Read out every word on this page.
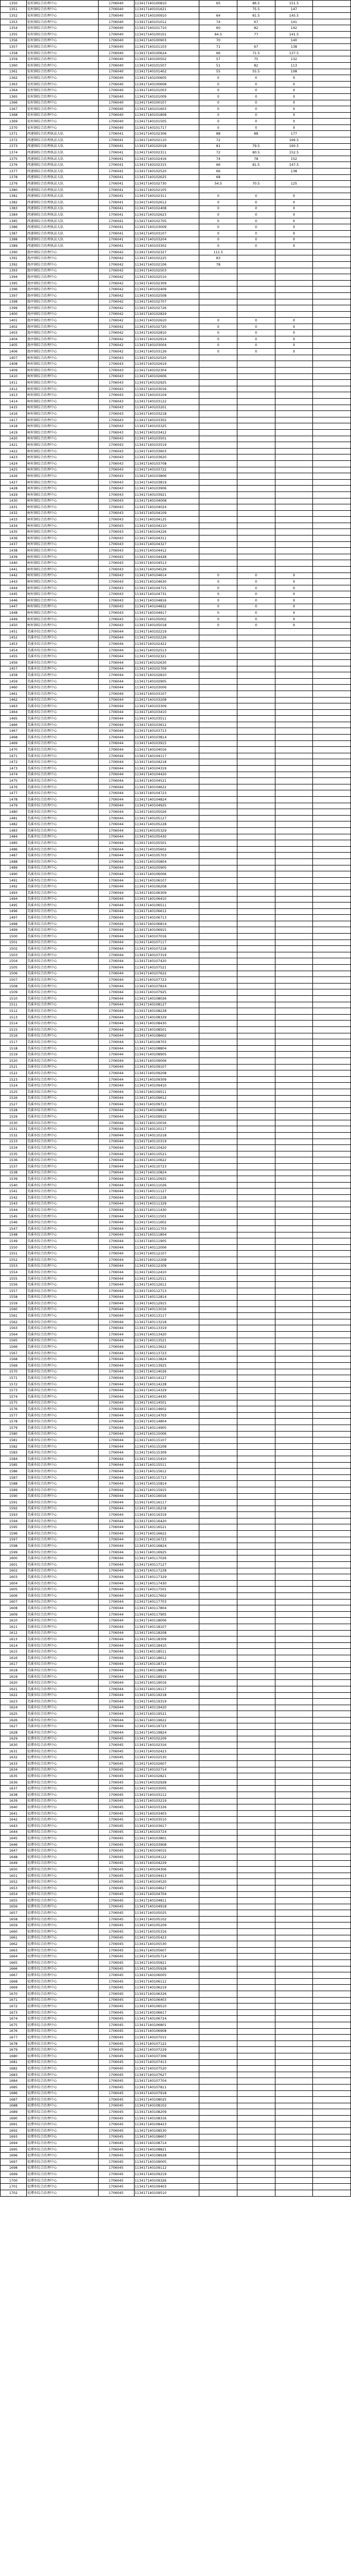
1350	宏村镇综合治理中心	1706040	113417140100810	65	86.5	151.5	
1351	宏村镇综合治理中心	1706040	113417140101621		75.5	147	
1352	宏村镇综合治理中心	1706040	113417140100910	64	81.5	145.5	
1353	宏村镇综合治理中心	1706040	113417140101012	74	67	141	
1354	宏村镇综合治理中心	1706040	113417140101710	60	82	142	
1355	宏村镇综合治理中心	1706040	113417140100101	64.5	77	141.5	
1356	宏村镇综合治理中心	1706040	113417140100903	70		140	
1357	宏村镇综合治理中心	1706040	113417140101103	71	67	138	
1358	宏村镇综合治理中心	1706040	113417140100624	66	71.5	137.5	
1359	宏村镇综合治理中心	1706040	113417140100502	57	75	132	
1360	宏村镇综合治理中心	1706040	113417140101507	51	82	113	
1361	宏村镇综合治理中心	1706040	113417140101402	55	55.5	108	
1362	宏村镇综合治理中心	1706040	113417140100605	0	0	0	
1363	宏村镇综合治理中心	1706040	113417140100608	0	0	0	
1364	宏村镇综合治理中心	1706040	113417140101003	0	0	0	
1365	宏村镇综合治理中心	1706040	113417140101009	0	0	0	
1366	宏村镇综合治理中心	1706040	113417140100107	0	0	0	
1367	宏村镇综合治理中心	1706040	113417140101603	0	0	0	
1368	宏村镇综合治理中心	1706040	113417140101808	0	0	0	
1369	宏村镇综合治理中心	1706040	113417140101505	0	0	0	
1370	宏村镇综合治理中心	1706040	113417140101717	0	0	0	
1371	西递镇综合治理执法大队	1706041	113417140102306	88	88	177	
1372	西递镇综合治理执法大队	1706041	113417140102110	72		166.5	
1373	西递镇综合治理执法大队	1706041	113417140102018	81	79.5	160.5	
1374	西递镇综合治理执法大队	1706041	113417140102311	72	80.5	152.5	
1375	西递镇综合治理执法大队	1706041	113417140102416	74	78	152	
1376	西递镇综合治理执法大队	1706041	113417140102315	66	81.5	147.5	
1377	西递镇综合治理执法大队	1706041	113417140102520	66		138	
1378	西递镇综合治理执法大队	1706041	113417140102625	68			
1379	西递镇综合治理执法大队	1706041	113417140102730	54.5	70.5	125	
1380	西递镇综合治理执法大队	1706041	113417140102105				
1381	西递镇综合治理执法大队	1706041	113417140102311	0	0	0	
1382	西递镇综合治理执法大队	1706041	113417140102612	0	0	0	
1383	西递镇综合治理执法大队	1706041	113417140102408	0	0	0	
1384	西递镇综合治理执法大队	1706041	113417140102623	0	0	0	
1385	西递镇综合治理执法大队	1706041	113417140102705	0	0	0	
1386	西递镇综合治理执法大队	1706041	113417140103009	0	0	0	
1387	西递镇综合治理执法大队	1706041	113417140103107	0	0	0	
1388	西递镇综合治理执法大队	1706041	113417140103204	0	0	0	
1389	西递镇综合治理执法大队	1706041	113417140103302	0	0	0	
1390	渔亭镇综合治理中心	1706042	113417140102327	111.5			
1391	渔亭镇综合治理中心	1706042	113417140102225	83			
1392	渔亭镇综合治理中心	1706042	113417140102106	78			
1393	渔亭镇综合治理中心	1706042	113417140102503				
1394	渔亭镇综合治理中心	1706042	113417140102510				
1395	渔亭镇综合治理中心	1706042	113417140102309				
1396	渔亭镇综合治理中心	1706042	113417140102409				
1397	渔亭镇综合治理中心	1706042	113417140102508				
1398	渔亭镇综合治理中心	1706042	113417140102707				
1399	渔亭镇综合治理中心	1706042	113417140102726				
1400	渔亭镇综合治理中心	1706042	113417140102829				
1401	渔亭镇综合治理中心	1706042	113417140102610	0	0	0	
1402	渔亭镇综合治理中心	1706042	113417140102720	0	0	0	
1403	渔亭镇综合治理中心	1706042	113417140102810	0	0	0	
1404	渔亭镇综合治理中心	1706042	113417140102914	0	0	0	
1405	渔亭镇综合治理中心	1706042	113417140103004	0	0	0	
1406	渔亭镇综合治理中心	1706042	113417140103126	0	0	0	
1407	柯村镇综合治理中心	1706043	113417140102520				
1408	柯村镇综合治理中心	1706043	113417140102619				
1409	柯村镇综合治理中心	1706043	113417140102304				
1410	柯村镇综合治理中心	1706043	113417140102606				
1411	柯村镇综合治理中心	1706043	113417140102925				
1412	柯村镇综合治理中心	1706043	113417140103016				
1413	柯村镇综合治理中心	1706043	113417140103104				
1414	柯村镇综合治理中心	1706043	113417140103122				
1415	柯村镇综合治理中心	1706043	113417140103201				
1416	柯村镇综合治理中心	1706043	113417140103218				
1417	柯村镇综合治理中心	1706043	113417140103302				
1418	柯村镇综合治理中心	1706043	113417140103325				
1419	柯村镇综合治理中心	1706043	113417140103412				
1420	柯村镇综合治理中心	1706043	113417140103501				
1421	柯村镇综合治理中心	1706043	113417140103519				
1422	柯村镇综合治理中心	1706043	113417140103603				
1423	柯村镇综合治理中心	1706043	113417140103620				
1424	柯村镇综合治理中心	1706043	113417140103708				
1425	柯村镇综合治理中心	1706043	113417140103722				
1426	柯村镇综合治理中心	1706043	113417140103806				
1427	柯村镇综合治理中心	1706043	113417140103819				
1428	柯村镇综合治理中心	1706043	113417140103906				
1429	柯村镇综合治理中心	1706043	113417140103921				
1430	柯村镇综合治理中心	1706043	113417140104008				
1431	柯村镇综合治理中心	1706043	113417140104024				
1432	柯村镇综合治理中心	1706043	113417140104109				
1433	柯村镇综合治理中心	1706043	113417140104125				
1434	柯村镇综合治理中心	1706043	113417140104210				
1435	柯村镇综合治理中心	1706043	113417140104226				
1436	柯村镇综合治理中心	1706043	113417140104311				
1437	柯村镇综合治理中心	1706043	113417140104327				
1438	柯村镇综合治理中心	1706043	113417140104412				
1439	柯村镇综合治理中心	1706043	113417140104428				
1440	柯村镇综合治理中心	1706043	113417140104513				
1441	柯村镇综合治理中心	1706043	113417140104529				
1442	柯村镇综合治理中心	1706043	113417140104614	0	0	0	
1443	柯村镇综合治理中心	1706043	113417140104630	0	0	0	
1444	柯村镇综合治理中心	1706043	113417140104715	0	0	0	
1445	柯村镇综合治理中心	1706043	113417140104731	0	0	0	
1446	柯村镇综合治理中心	1706043	113417140104816	0	0	0	
1447	柯村镇综合治理中心	1706043	113417140104832	0	0	0	
1448	柯村镇综合治理中心	1706043	113417140104917	0	0	0	
1449	柯村镇综合治理中心	1706043	113417140105002	0	0	0	
1450	柯村镇综合治理中心	1706043	113417140105018	0	0	0	
1451	美溪乡综合治理中心	1706044	113417140102219				
1452	美溪乡综合治理中心	1706044	113417140102226				
1453	美溪乡综合治理中心	1706044	113417140102422				
1454	美溪乡综合治理中心	1706044	113417140102513				
1455	美溪乡综合治理中心	1706044	113417140102321				
1456	美溪乡综合治理中心	1706044	113417140102630				
1457	美溪乡综合治理中心	1706044	113417140102709				
1458	美溪乡综合治理中心	1706044	113417140102810				
1459	美溪乡综合治理中心	1706044	113417140102905				
1460	美溪乡综合治理中心	1706044	113417140103006				
1461	美溪乡综合治理中心	1706044	113417140103107				
1462	美溪乡综合治理中心	1706044	113417140103208				
1463	美溪乡综合治理中心	1706044	113417140103309				
1464	美溪乡综合治理中心	1706044	113417140103410				
1465	美溪乡综合治理中心	1706044	113417140103511				
1466	美溪乡综合治理中心	1706044	113417140103612				
1467	美溪乡综合治理中心	1706044	113417140103713				
1468	美溪乡综合治理中心	1706044	113417140103814				
1469	美溪乡综合治理中心	1706044	113417140103915				
1470	美溪乡综合治理中心	1706044	113417140104016				
1471	美溪乡综合治理中心	1706044	113417140104117				
1472	美溪乡综合治理中心	1706044	113417140104218				
1473	美溪乡综合治理中心	1706044	113417140104319				
1474	美溪乡综合治理中心	1706044	113417140104420				
1475	美溪乡综合治理中心	1706044	113417140104521				
1476	美溪乡综合治理中心	1706044	113417140104622				
1477	美溪乡综合治理中心	1706044	113417140104723				
1478	美溪乡综合治理中心	1706044	113417140104824				
1479	美溪乡综合治理中心	1706044	113417140104925				
1480	美溪乡综合治理中心	1706044	113417140105026				
1481	美溪乡综合治理中心	1706044	113417140105127				
1482	美溪乡综合治理中心	1706044	113417140105228				
1483	美溪乡综合治理中心	1706044	113417140105329				
1484	美溪乡综合治理中心	1706044	113417140105430				
1485	美溪乡综合治理中心	1706044	113417140105501				
1486	美溪乡综合治理中心	1706044	113417140105602				
1487	美溪乡综合治理中心	1706044	113417140105703				
1488	美溪乡综合治理中心	1706044	113417140105804				
1489	美溪乡综合治理中心	1706044	113417140105905				
1490	美溪乡综合治理中心	1706044	113417140106006				
1491	美溪乡综合治理中心	1706044	113417140106107				
1492	美溪乡综合治理中心	1706044	113417140106208				
1493	美溪乡综合治理中心	1706044	113417140106309				
1494	美溪乡综合治理中心	1706044	113417140106410				
1495	美溪乡综合治理中心	1706044	113417140106511				
1496	美溪乡综合治理中心	1706044	113417140106612				
1497	美溪乡综合治理中心	1706044	113417140106713				
1498	美溪乡综合治理中心	1706044	113417140106814				
1499	美溪乡综合治理中心	1706044	113417140106915				
1500	美溪乡综合治理中心	1706044	113417140107016				
1501	美溪乡综合治理中心	1706044	113417140107117				
1502	美溪乡综合治理中心	1706044	113417140107218				
1503	美溪乡综合治理中心	1706044	113417140107319				
1504	美溪乡综合治理中心	1706044	113417140107420				
1505	美溪乡综合治理中心	1706044	113417140107521				
1506	美溪乡综合治理中心	1706044	113417140107622				
1507	美溪乡综合治理中心	1706044	113417140107723				
1508	美溪乡综合治理中心	1706044	113417140107824				
1509	美溪乡综合治理中心	1706044	113417140107925				
1510	美溪乡综合治理中心	1706044	113417140108026				
1511	美溪乡综合治理中心	1706044	113417140108127				
1512	美溪乡综合治理中心	1706044	113417140108228				
1513	美溪乡综合治理中心	1706044	113417140108329				
1514	美溪乡综合治理中心	1706044	113417140108430				
1515	美溪乡综合治理中心	1706044	113417140108501				
1516	美溪乡综合治理中心	1706044	113417140108602				
1517	美溪乡综合治理中心	1706044	113417140108703				
1518	美溪乡综合治理中心	1706044	113417140108804				
1519	美溪乡综合治理中心	1706044	113417140108905				
1520	美溪乡综合治理中心	1706044	113417140109006				
1521	美溪乡综合治理中心	1706044	113417140109107				
1522	美溪乡综合治理中心	1706044	113417140109208				
1523	美溪乡综合治理中心	1706044	113417140109309				
1524	美溪乡综合治理中心	1706044	113417140109410				
1525	美溪乡综合治理中心	1706044	113417140109511				
1526	美溪乡综合治理中心	1706044	113417140109612				
1527	美溪乡综合治理中心	1706044	113417140109713				
1528	美溪乡综合治理中心	1706044	113417140109814				
1529	美溪乡综合治理中心	1706044	113417140109915				
1530	美溪乡综合治理中心	1706044	113417140110016				
1531	美溪乡综合治理中心	1706044	113417140110117				
1532	美溪乡综合治理中心	1706044	113417140110218				
1533	美溪乡综合治理中心	1706044	113417140110319				
1534	美溪乡综合治理中心	1706044	113417140110420				
1535	美溪乡综合治理中心	1706044	113417140110521				
1536	美溪乡综合治理中心	1706044	113417140110622				
1537	美溪乡综合治理中心	1706044	113417140110723				
1538	美溪乡综合治理中心	1706044	113417140110824				
1539	美溪乡综合治理中心	1706044	113417140110925				
1540	美溪乡综合治理中心	1706044	113417140111026				
1541	美溪乡综合治理中心	1706044	113417140111127				
1542	美溪乡综合治理中心	1706044	113417140111228				
1543	美溪乡综合治理中心	1706044	113417140111329				
1544	美溪乡综合治理中心	1706044	113417140111430				
1545	美溪乡综合治理中心	1706044	113417140111501				
1546	美溪乡综合治理中心	1706044	113417140111602				
1547	美溪乡综合治理中心	1706044	113417140111703				
1548	美溪乡综合治理中心	1706044	113417140111804				
1549	美溪乡综合治理中心	1706044	113417140111905				
1550	美溪乡综合治理中心	1706044	113417140112006				
1551	美溪乡综合治理中心	1706044	113417140112107				
1552	美溪乡综合治理中心	1706044	113417140112208				
1553	美溪乡综合治理中心	1706044	113417140112309				
1554	美溪乡综合治理中心	1706044	113417140112410				
1555	美溪乡综合治理中心	1706044	113417140112511				
1556	美溪乡综合治理中心	1706044	113417140112612				
1557	美溪乡综合治理中心	1706044	113417140112713				
1558	美溪乡综合治理中心	1706044	113417140112814				
1559	美溪乡综合治理中心	1706044	113417140112915				
1560	美溪乡综合治理中心	1706044	113417140113016				
1561	美溪乡综合治理中心	1706044	113417140113117				
1562	美溪乡综合治理中心	1706044	113417140113218				
1563	美溪乡综合治理中心	1706044	113417140113319				
1564	美溪乡综合治理中心	1706044	113417140113420				
1565	美溪乡综合治理中心	1706044	113417140113521				
1566	美溪乡综合治理中心	1706044	113417140113622				
1567	美溪乡综合治理中心	1706044	113417140113723				
1568	美溪乡综合治理中心	1706044	113417140113824				
1569	美溪乡综合治理中心	1706044	113417140113925				
1570	美溪乡综合治理中心	1706044	113417140114026				
1571	美溪乡综合治理中心	1706044	113417140114127				
1572	美溪乡综合治理中心	1706044	113417140114228				
1573	美溪乡综合治理中心	1706044	113417140114329				
1574	美溪乡综合治理中心	1706044	113417140114430				
1575	美溪乡综合治理中心	1706044	113417140114501				
1576	美溪乡综合治理中心	1706044	113417140114602				
1577	美溪乡综合治理中心	1706044	113417140114703				
1578	美溪乡综合治理中心	1706044	113417140114804				
1579	美溪乡综合治理中心	1706044	113417140114905				
1580	美溪乡综合治理中心	1706044	113417140115006				
1581	美溪乡综合治理中心	1706044	113417140115107				
1582	美溪乡综合治理中心	1706044	113417140115208				
1583	美溪乡综合治理中心	1706044	113417140115309				
1584	美溪乡综合治理中心	1706044	113417140115410				
1585	美溪乡综合治理中心	1706044	113417140115511				
1586	美溪乡综合治理中心	1706044	113417140115612				
1587	美溪乡综合治理中心	1706044	113417140115713				
1588	美溪乡综合治理中心	1706044	113417140115814				
1589	美溪乡综合治理中心	1706044	113417140115915				
1590	美溪乡综合治理中心	1706044	113417140116016				
1591	美溪乡综合治理中心	1706044	113417140116117				
1592	美溪乡综合治理中心	1706044	113417140116218				
1593	美溪乡综合治理中心	1706044	113417140116319				
1594	美溪乡综合治理中心	1706044	113417140116420				
1595	美溪乡综合治理中心	1706044	113417140116521				
1596	美溪乡综合治理中心	1706044	113417140116622				
1597	美溪乡综合治理中心	1706044	113417140116723				
1598	美溪乡综合治理中心	1706044	113417140116824				
1599	美溪乡综合治理中心	1706044	113417140116925				
1600	美溪乡综合治理中心	1706044	113417140117026				
1601	美溪乡综合治理中心	1706044	113417140117127				
1602	美溪乡综合治理中心	1706044	113417140117228				
1603	美溪乡综合治理中心	1706044	113417140117329				
1604	美溪乡综合治理中心	1706044	113417140117430				
1605	美溪乡综合治理中心	1706044	113417140117501				
1606	美溪乡综合治理中心	1706044	113417140117602				
1607	美溪乡综合治理中心	1706044	113417140117703				
1608	美溪乡综合治理中心	1706044	113417140117804				
1609	美溪乡综合治理中心	1706044	113417140117905				
1610	美溪乡综合治理中心	1706044	113417140118006				
1611	美溪乡综合治理中心	1706044	113417140118107				
1612	美溪乡综合治理中心	1706044	113417140118208				
1613	美溪乡综合治理中心	1706044	113417140118309				
1614	美溪乡综合治理中心	1706044	113417140118410				
1615	美溪乡综合治理中心	1706044	113417140118511				
1616	美溪乡综合治理中心	1706044	113417140118612				
1617	美溪乡综合治理中心	1706044	113417140118713				
1618	美溪乡综合治理中心	1706044	113417140118814				
1619	美溪乡综合治理中心	1706044	113417140118915				
1620	美溪乡综合治理中心	1706044	113417140119016				
1621	美溪乡综合治理中心	1706044	113417140119117				
1622	美溪乡综合治理中心	1706044	113417140119218				
1623	美溪乡综合治理中心	1706044	113417140119319				
1624	美溪乡综合治理中心	1706044	113417140119420				
1625	美溪乡综合治理中心	1706044	113417140119521				
1626	美溪乡综合治理中心	1706044	113417140119622				
1627	美溪乡综合治理中心	1706044	113417140119723				
1628	美溪乡综合治理中心	1706044	113417140119824				
1629	宏潭乡综合治理中心	1706045	113417140102209				
1630	宏潭乡综合治理中心	1706045	113417140102316				
1631	宏潭乡综合治理中心	1706045	113417140102423				
1632	宏潭乡综合治理中心	1706045	113417140102530				
1633	宏潭乡综合治理中心	1706045	113417140102607				
1634	宏潭乡综合治理中心	1706045	113417140102714				
1635	宏潭乡综合治理中心	1706045	113417140102821				
1636	宏潭乡综合治理中心	1706045	113417140102928				
1637	宏潭乡综合治理中心	1706045	113417140103005				
1638	宏潭乡综合治理中心	1706045	113417140103112				
1639	宏潭乡综合治理中心	1706045	113417140103219				
1640	宏潭乡综合治理中心	1706045	113417140103326				
1641	宏潭乡综合治理中心	1706045	113417140103403				
1642	宏潭乡综合治理中心	1706045	113417140103510				
1643	宏潭乡综合治理中心	1706045	113417140103617				
1644	宏潭乡综合治理中心	1706045	113417140103724				
1645	宏潭乡综合治理中心	1706045	113417140103801				
1646	宏潭乡综合治理中心	1706045	113417140103908				
1647	宏潭乡综合治理中心	1706045	113417140104015				
1648	宏潭乡综合治理中心	1706045	113417140104122				
1649	宏潭乡综合治理中心	1706045	113417140104229				
1650	宏潭乡综合治理中心	1706045	113417140104306				
1651	宏潭乡综合治理中心	1706045	113417140104413				
1652	宏潭乡综合治理中心	1706045	113417140104520				
1653	宏潭乡综合治理中心	1706045	113417140104627				
1654	宏潭乡综合治理中心	1706045	113417140104704				
1655	宏潭乡综合治理中心	1706045	113417140104811				
1656	宏潭乡综合治理中心	1706045	113417140104918				
1657	宏潭乡综合治理中心	1706045	113417140105025				
1658	宏潭乡综合治理中心	1706045	113417140105102				
1659	宏潭乡综合治理中心	1706045	113417140105209				
1660	宏潭乡综合治理中心	1706045	113417140105316				
1661	宏潭乡综合治理中心	1706045	113417140105423				
1662	宏潭乡综合治理中心	1706045	113417140105530				
1663	宏潭乡综合治理中心	1706045	113417140105607				
1664	宏潭乡综合治理中心	1706045	113417140105714				
1665	宏潭乡综合治理中心	1706045	113417140105821				
1666	宏潭乡综合治理中心	1706045	113417140105928				
1667	宏潭乡综合治理中心	1706045	113417140106005				
1668	宏潭乡综合治理中心	1706045	113417140106112				
1669	宏潭乡综合治理中心	1706045	113417140106219				
1670	宏潭乡综合治理中心	1706045	113417140106326				
1671	宏潭乡综合治理中心	1706045	113417140106403				
1672	宏潭乡综合治理中心	1706045	113417140106510				
1673	宏潭乡综合治理中心	1706045	113417140106617				
1674	宏潭乡综合治理中心	1706045	113417140106724				
1675	宏潭乡综合治理中心	1706045	113417140106801				
1676	宏潭乡综合治理中心	1706045	113417140106908				
1677	宏潭乡综合治理中心	1706045	113417140107015				
1678	宏潭乡综合治理中心	1706045	113417140107122				
1679	宏潭乡综合治理中心	1706045	113417140107229				
1680	宏潭乡综合治理中心	1706045	113417140107306				
1681	宏潭乡综合治理中心	1706045	113417140107413				
1682	宏潭乡综合治理中心	1706045	113417140107520				
1683	宏潭乡综合治理中心	1706045	113417140107627				
1684	宏潭乡综合治理中心	1706045	113417140107704				
1685	宏潭乡综合治理中心	1706045	113417140107811				
1686	宏潭乡综合治理中心	1706045	113417140107918				
1687	宏潭乡综合治理中心	1706045	113417140108025				
1688	宏潭乡综合治理中心	1706045	113417140108102				
1689	宏潭乡综合治理中心	1706045	113417140108209				
1690	宏潭乡综合治理中心	1706045	113417140108316				
1691	宏潭乡综合治理中心	1706045	113417140108423				
1692	宏潭乡综合治理中心	1706045	113417140108530				
1693	宏潭乡综合治理中心	1706045	113417140108607				
1694	宏潭乡综合治理中心	1706045	113417140108714				
1695	宏潭乡综合治理中心	1706045	113417140108821				
1696	宏潭乡综合治理中心	1706045	113417140108928				
1697	宏潭乡综合治理中心	1706045	113417140109005				
1698	宏潭乡综合治理中心	1706045	113417140109112				
1699	宏潭乡综合治理中心	1706045	113417140109219				
1700	宏潭乡综合治理中心	1706045	113417140109326				
1701	宏潭乡综合治理中心	1706045	113417140109403				
1702	宏潭乡综合治理中心	1706045	113417140109510				
